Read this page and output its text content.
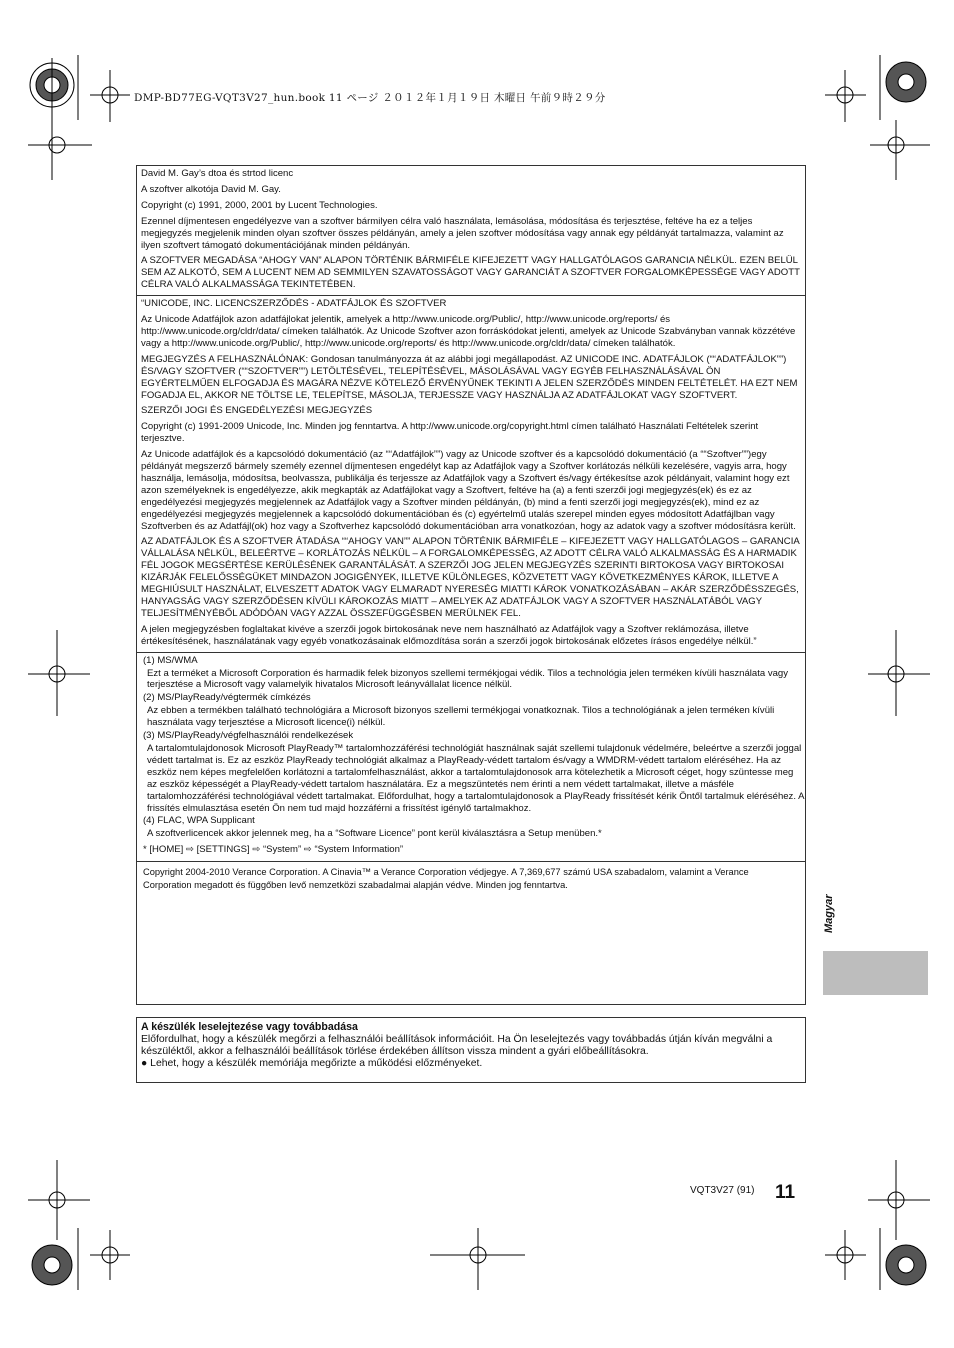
DMP-BD77EG-VQT3V27_hun.book 11 ページ ２０１２年１月１９日 木曜日 午前９時２９分

David M. Gay’s dtoa és strtod licenc

A szoftver alkotója David M. Gay.

Copyright (c) 1991, 2000, 2001 by Lucent Technologies.

Ezennel díjmentesen engedélyezve van a szoftver bármilyen célra való használata, lemásolása, módosítása és terjesztése, feltéve ha ez a teljes megjegyzés megjelenik minden olyan szoftver összes példányán, amely a jelen szoftver módosítása vagy annak egy példányát tartalmazza, valamint az ilyen szoftvert támogató dokumentációjának minden példányán.

A SZOFTVER MEGADÁSA “AHOGY VAN” ALAPON TÖRTÉNIK BÁRMIFÉLE KIFEJEZETT VAGY HALLGATÓLAGOS GARANCIA NÉLKÜL. EZEN BELÜL SEM AZ ALKOTÓ, SEM A LUCENT NEM AD SEMMILYEN SZAVATOSSÁGOT VAGY GARANCIÁT A SZOFTVER FORGALOMKÉPESSÉGE VAGY ADOTT CÉLRA VALÓ ALKALMASSÁGA TEKINTETÉBEN.

“UNICODE, INC. LICENCSZERZŐDÉS - ADATFÁJLOK ÉS SZOFTVER

Az Unicode Adatfájlok azon adatfájlokat jelentik, amelyek a http://www.unicode.org/Public/, http://www.unicode.org/reports/ és http://www.unicode.org/cldr/data/ címeken találhatók. Az Unicode Szoftver azon forráskódokat jelenti, amelyek az Unicode Szabványban vannak közzétéve vagy a http://www.unicode.org/Public/, http://www.unicode.org/reports/ és http://www.unicode.org/cldr/data/ címeken találhatók.

MEGJEGYZÉS A FELHASZNÁLÓNAK: Gondosan tanulmányozza át az alábbi jogi megállapodást. AZ UNICODE INC. ADATFÁJLOK (““ADATFÁJLOK””) ÉS/VAGY SZOFTVER (““SZOFTVER””) LETÖLTÉSÉVEL, TELEPÍTÉSÉVEL, MÁSOLÁSÁVAL VAGY EGYÉB FELHASZNÁLÁSÁVAL ÖN EGYÉRTELMŰEN ELFOGADJA ÉS MAGÁRA NÉZVE KÖTELEZŐ ÉRVÉNYŰNEK TEKINTI A JELEN SZERZŐDÉS MINDEN FELTÉTELÉT. HA EZT NEM FOGADJA EL, AKKOR NE TÖLTSE LE, TELEPÍTSE, MÁSOLJA, TERJESSZE VAGY HASZNÁLJA AZ ADATFÁJLOKAT VAGY SZOFTVERT.

SZERZŐI JOGI ÉS ENGEDÉLYEZÉSI MEGJEGYZÉS

Copyright (c) 1991-2009 Unicode, Inc. Minden jog fenntartva. A http://www.unicode.org/copyright.html címen található Használati Feltételek szerint terjesztve.

Az Unicode adatfájlok és a kapcsolódó dokumentáció (az ““Adatfájlok””) vagy az Unicode szoftver és a kapcsolódó dokumentáció (a ““Szoftver””)egy példányát megszerző bármely személy ezennel díjmentesen engedélyt kap az Adatfájlok vagy a Szoftver korlátozás nélküli kezelésére, vagyis arra, hogy használja, lemásolja, módosítsa, beolvassza, publikálja és terjessze az Adatfájlok vagy a Szoftvert és/vagy értékesítse azok példányait, valamint hogy ezt azon személyeknek is engedélyezze, akik megkapták az Adatfájlokat vagy a Szoftvert, feltéve ha (a) a fenti szerzői jogi megjegyzés(ek) és ez az engedélyezési megjegyzés megjelennek az Adatfájlok vagy a Szoftver minden példányán, (b) mind a fenti szerzői jogi megjegyzés(ek), mind ez az engedélyezési megjegyzés megjelennek a kapcsolódó dokumentációban és (c) egyértelmű utalás szerepel minden egyes módosított Adatfájlban vagy Szoftverben és az Adatfájl(ok) hoz vagy a Szoftverhez kapcsolódó dokumentációban arra vonatkozóan, hogy az adatok vagy a szoftver módosításra került.

AZ ADATFÁJLOK ÉS A SZOFTVER ÁTADÁSA ““AHOGY VAN”” ALAPON TÖRTÉNIK BÁRMIFÉLE – KIFEJEZETT VAGY HALLGATÓLAGOS – GARANCIA VÁLLALÁSA NÉLKÜL, BELEÉRTVE – KORLÁTOZÁS NÉLKÜL – A FORGALOMKÉPESSÉG, AZ ADOTT CÉLRA VALÓ ALKALMASSÁG ÉS A HARMADIK FÉL JOGOK MEGSÉRTÉSE KERÜLÉSÉNEK GARANTÁLÁSÁT. A SZERZŐI JOG JELEN MEGJEGYZÉS SZERINTI BIRTOKOSA VAGY BIRTOKOSAI KIZÁRJÁK FELELŐSSÉGÜKET MINDAZON JOGIGÉNYEK, ILLETVE KÜLÖNLEGES, KÖZVETETT VAGY KÖVETKEZMÉNYES KÁROK, ILLETVE A MEGHIÚSULT HASZNÁLAT, ELVESZETT ADATOK VAGY ELMARADT NYERESÉG MIATTI KÁROK VONATKOZÁSÁBAN – AKÁR SZERZŐDÉSSZEGÉS, HANYAGSÁG VAGY SZERZŐDÉSEN KÍVÜLI KÁROKOZÁS MIATT – AMELYEK AZ ADATFÁJLOK VAGY A SZOFTVER HASZNÁLATÁBÓL VAGY TELJESÍTMÉNYÉBŐL ADÓDÓAN VAGY AZZAL ÖSSZEFÜGGÉSBEN MERÜLNEK FEL.

A jelen megjegyzésben foglaltakat kivéve a szerzői jogok birtokosának neve nem használható az Adatfájlok vagy a Szoftver reklámozása, illetve értékesítésének, használatának vagy egyéb vonatkozásainak előmozdítása során a szerzői jogok birtokosának előzetes írásos engedélye nélkül.”

(1) MS/WMA

Ezt a terméket a Microsoft Corporation és harmadik felek bizonyos szellemi termékjogai védik. Tilos a technológia jelen terméken kívüli használata vagy terjesztése a Microsoft vagy valamelyik hivatalos Microsoft leányvállalat licence nélkül.

(2) MS/PlayReady/végtermék címkézés

Az ebben a termékben található technológiára a Microsoft bizonyos szellemi termékjogai vonatkoznak. Tilos a technológiának a jelen terméken kívüli használata vagy terjesztése a Microsoft licence(i) nélkül.

(3) MS/PlayReady/végfelhasználói rendelkezések

A tartalomtulajdonosok Microsoft PlayReady™ tartalomhozzáférési technológiát használnak saját szellemi tulajdonuk védelmére, beleértve a szerzői joggal védett tartalmat is. Ez az eszköz PlayReady technológiát alkalmaz a PlayReady-védett tartalom és/vagy a WMDRM-védett tartalom eléréséhez. Ha az eszköz nem képes megfelelően korlátozni a tartalomfelhasználást, akkor a tartalomtulajdonosok arra kötelezhetik a Microsoft céget, hogy szüntesse meg az eszköz képességét a PlayReady-védett tartalom használatára. Ez a megszüntetés nem érinti a nem védett tartalmakat, illetve a másféle tartalomhozzáférési technológiával védett tartalmakat. Előfordulhat, hogy a tartalomtulajdonosok a PlayReady frissítését kérik Öntől tartalmuk eléréséhez. A frissítés elmulasztása esetén Ön nem tud majd hozzáférni a frissítést igénylő tartalmakhoz.

(4) FLAC, WPA Supplicant

A szoftverlicencek akkor jelennek meg, ha a “Software Licence” pont kerül kiválasztásra a Setup menüben.*

* [HOME] ⇨ [SETTINGS] ⇨ “System” ⇨ “System Information”

Copyright 2004-2010 Verance Corporation. A Cinavia™ a Verance Corporation védjegye. A 7,369,677 számú USA szabadalom, valamint a Verance Corporation megadott és függőben levő nemzetközi szabadalmai alapján védve. Minden jog fenntartva.

A készülék leselejtezése vagy továbbadása

Előfordulhat, hogy a készülék megőrzi a felhasználói beállítások információit. Ha Ön leselejtezés vagy továbbadás útján kíván megválni a készüléktől, akkor a felhasználói beállítások törlése érdekében állítson vissza mindent a gyári előbeállításokra.

● Lehet, hogy a készülék memóriája megőrizte a működési előzményeket.

Magyar
VQT3V27 (91) 11
